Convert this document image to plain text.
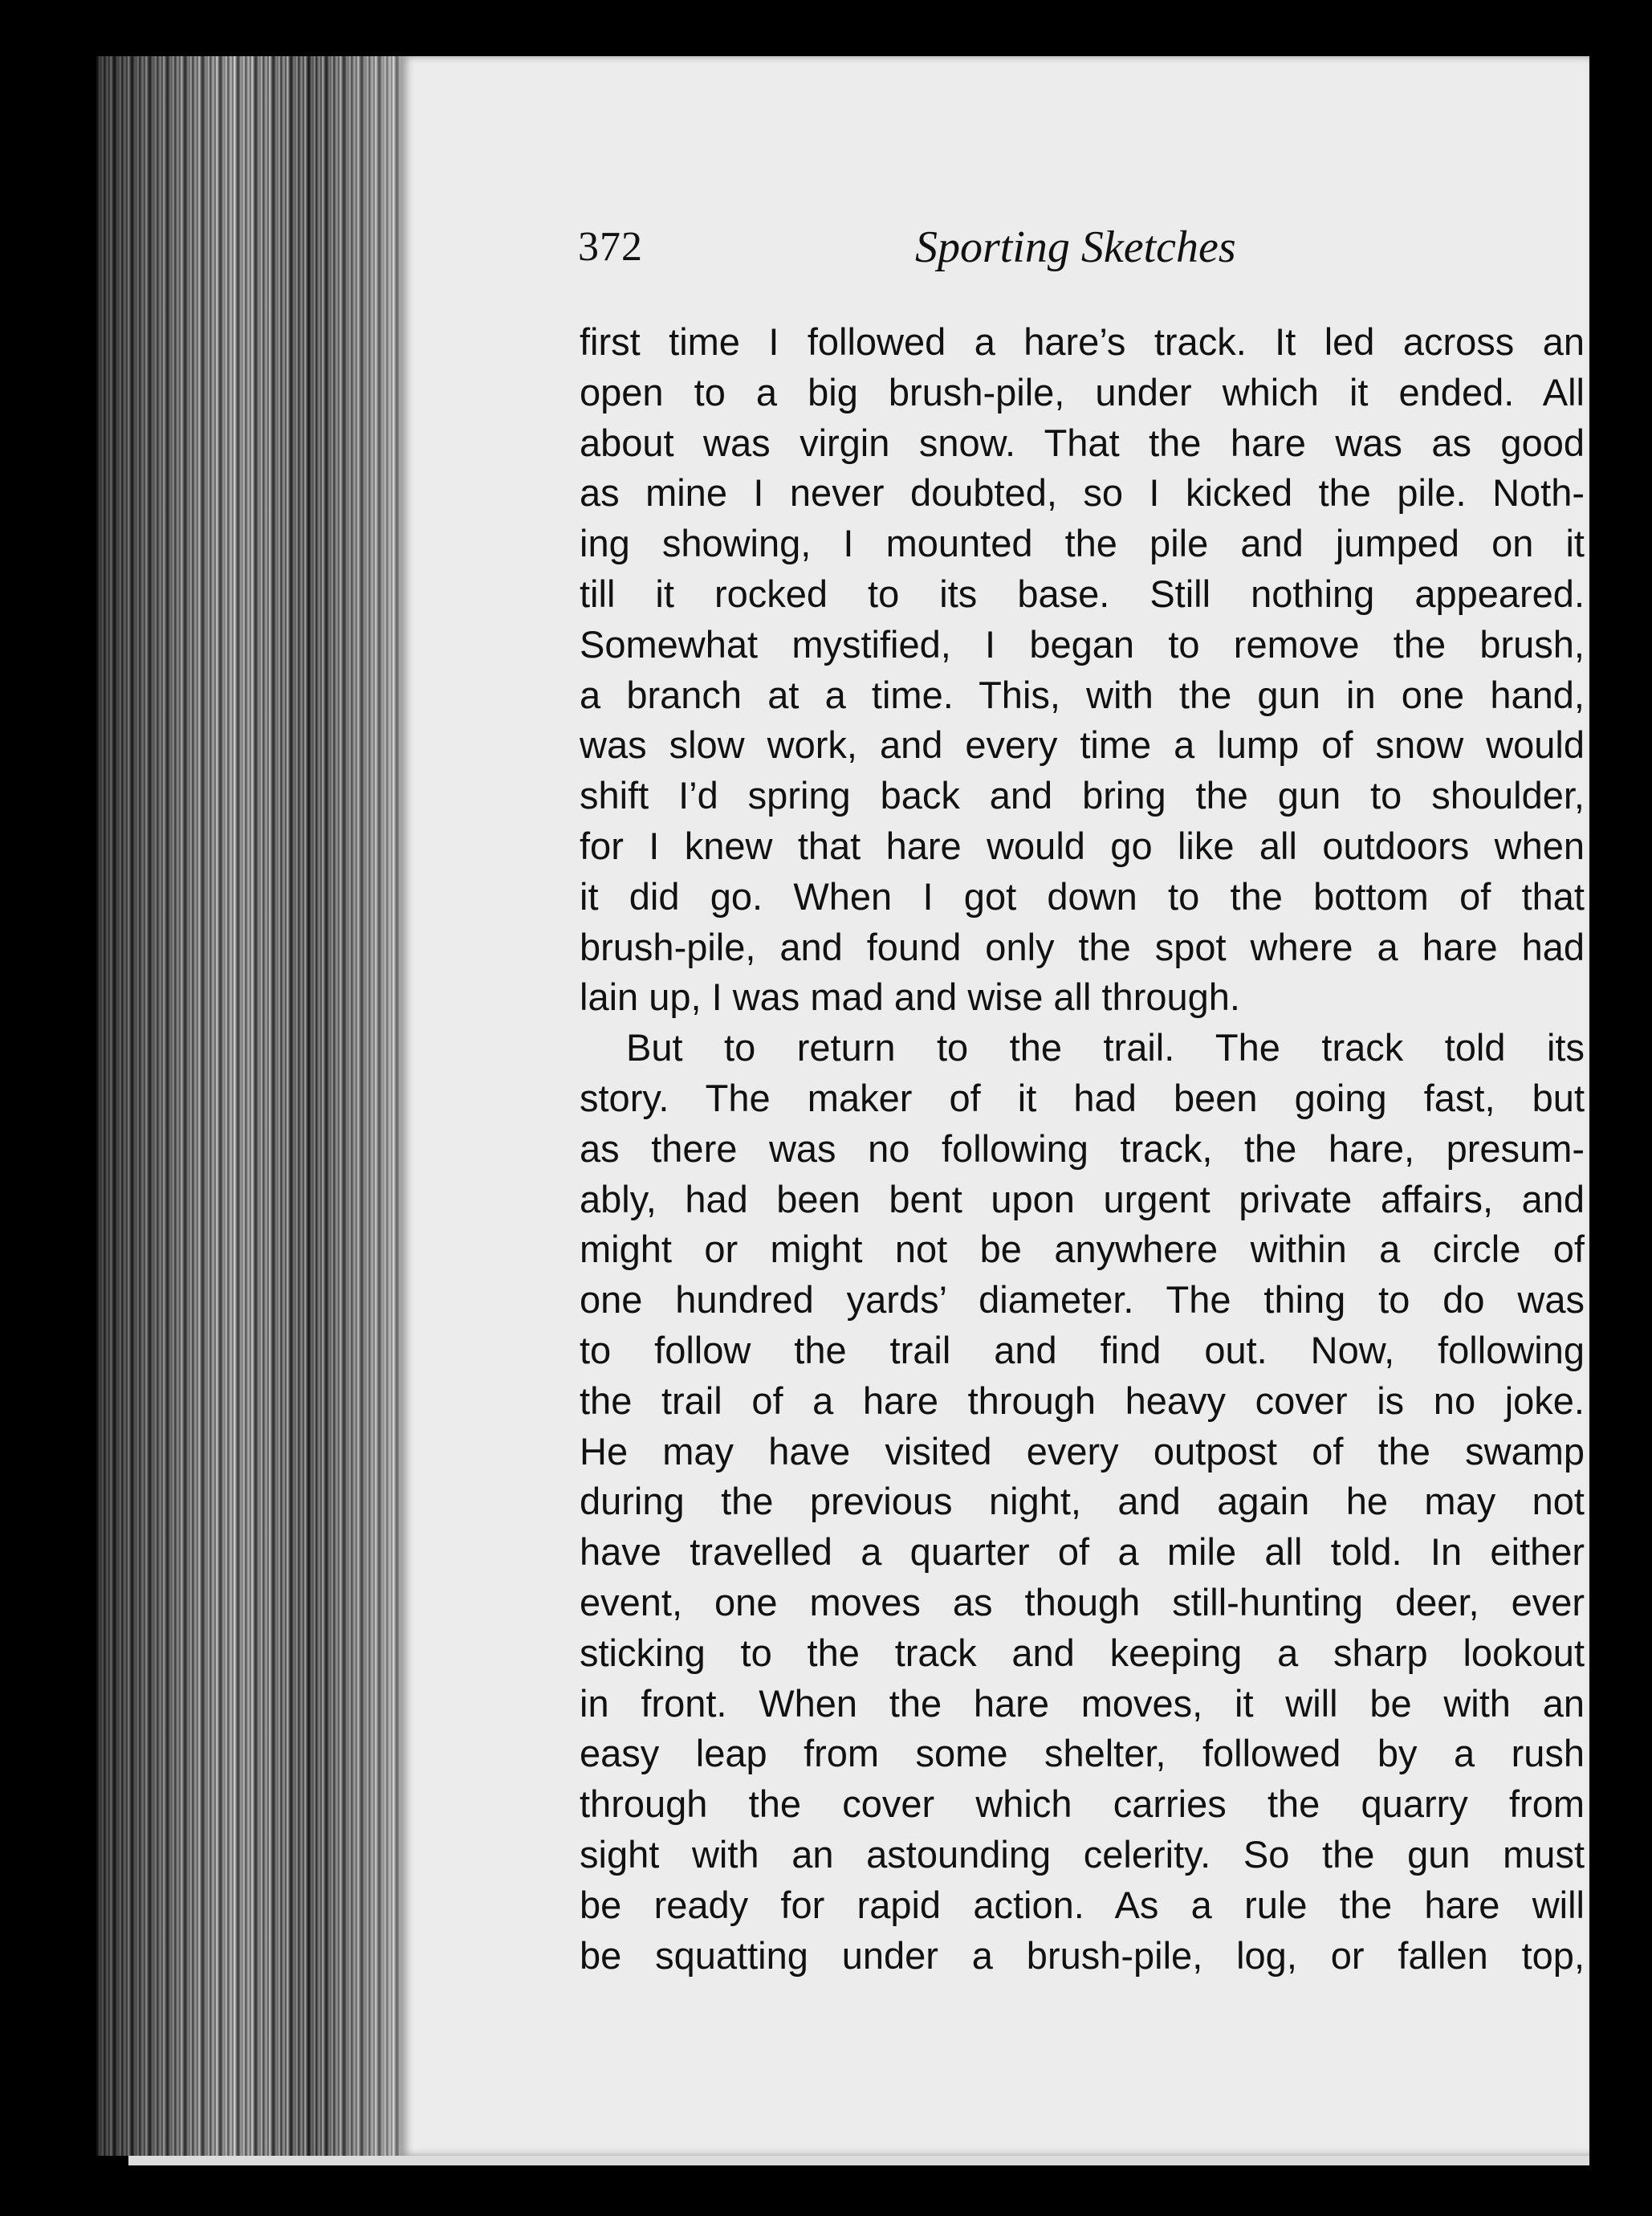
372	Sporting Sketches
first time I followed a hare’s track. It led across an
open to a big brush-pile, under which it ended. All
about was virgin snow. That the hare was as good
as mine I never doubted, so I kicked the pile. Noth-
ing showing, I mounted the pile and jumped on it
till it rocked to its base. Still nothing appeared.
Somewhat mystified, I began to remove the brush,
a branch at a time. This, with the gun in one hand,
was slow work, and every time a lump of snow would
shift I’d spring back and bring the gun to shoulder,
for I knew that hare would go like all outdoors when
it did go. When I got down to the bottom of that
brush-pile, and found only the spot where a hare had
lain up, I was mad and wise all through.
But to return to the trail. The track told its
story. The maker of it had been going fast, but
as there was no following track, the hare, presum-
ably, had been bent upon urgent private affairs, and
might or might not be anywhere within a circle of
one hundred yards’ diameter. The thing to do was
to follow the trail and find out. Now, following
the trail of a hare through heavy cover is no joke.
He may have visited every outpost of the swamp
during the previous night, and again he may not
have travelled a quarter of a mile all told. In either
event, one moves as though still-hunting deer, ever
sticking to the track and keeping a sharp lookout
in front. When the hare moves, it will be with an
easy leap from some shelter, followed by a rush
through the cover which carries the quarry from
sight with an astounding celerity. So the gun must
be ready for rapid action. As a rule the hare will
be squatting under a brush-pile, log, or fallen top,
